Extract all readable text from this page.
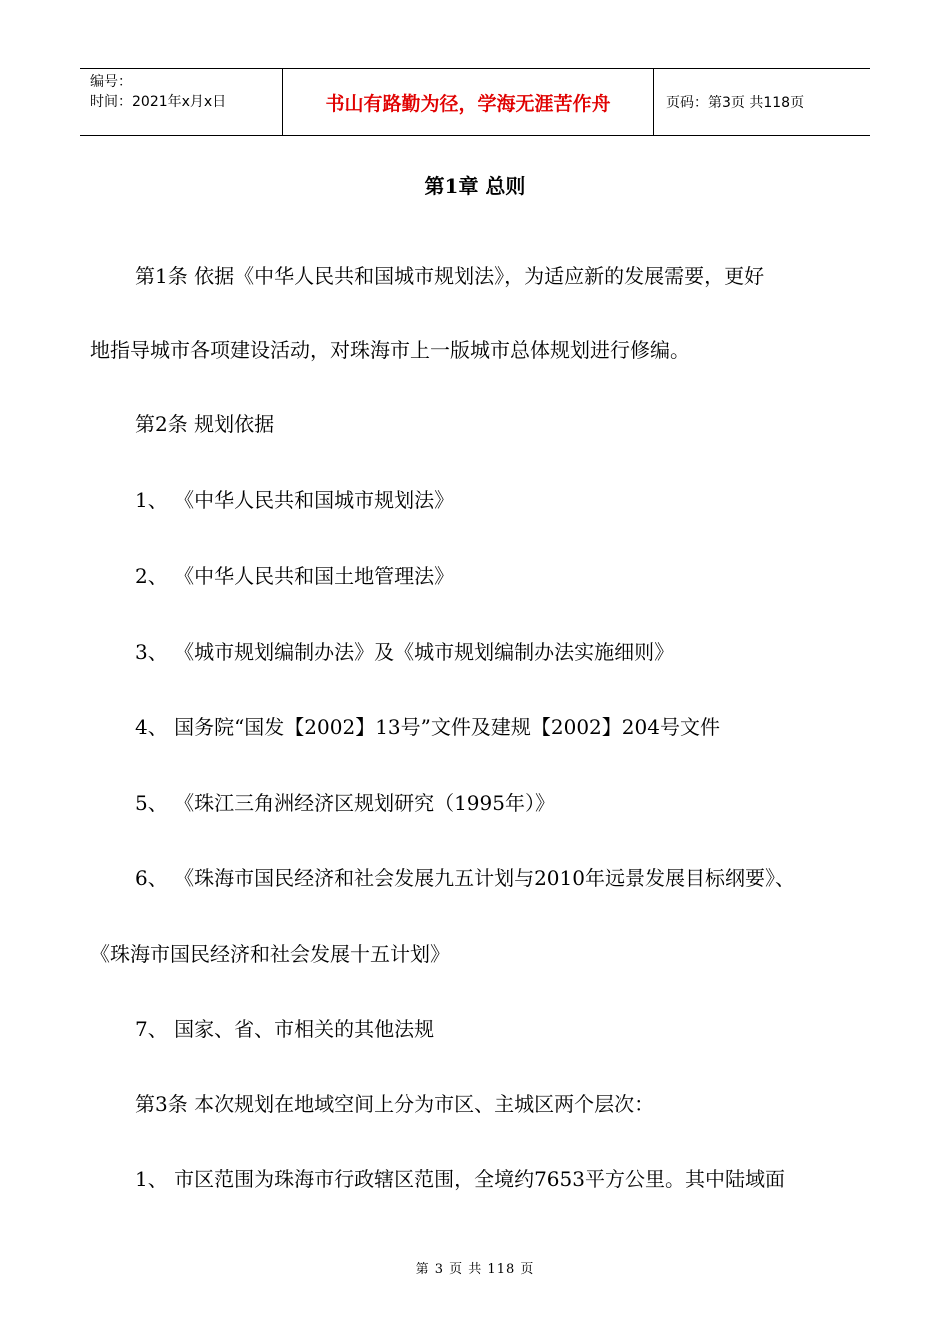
编号：
时间：2021年x月x日	书山有路勤为径，学海无涯苦作舟	页码：第3页 共118页
第1章 总则
第1条 依据《中华人民共和国城市规划法》，为适应新的发展需要，更好
地指导城市各项建设活动，对珠海市上一版城市总体规划进行修编。
第2条 规划依据
1、 《中华人民共和国城市规划法》
2、 《中华人民共和国土地管理法》
3、 《城市规划编制办法》及《城市规划编制办法实施细则》
4、 国务院“国发【2002】13号”文件及建规【2002】204号文件
5、 《珠江三角洲经济区规划研究（1995年）》
6、 《珠海市国民经济和社会发展九五计划与2010年远景发展目标纲要》、
《珠海市国民经济和社会发展十五计划》
7、 国家、省、市相关的其他法规
第3条 本次规划在地域空间上分为市区、主城区两个层次：
1、 市区范围为珠海市行政辖区范围，全境约7653平方公里。其中陆域面
第 3 页 共 118 页
